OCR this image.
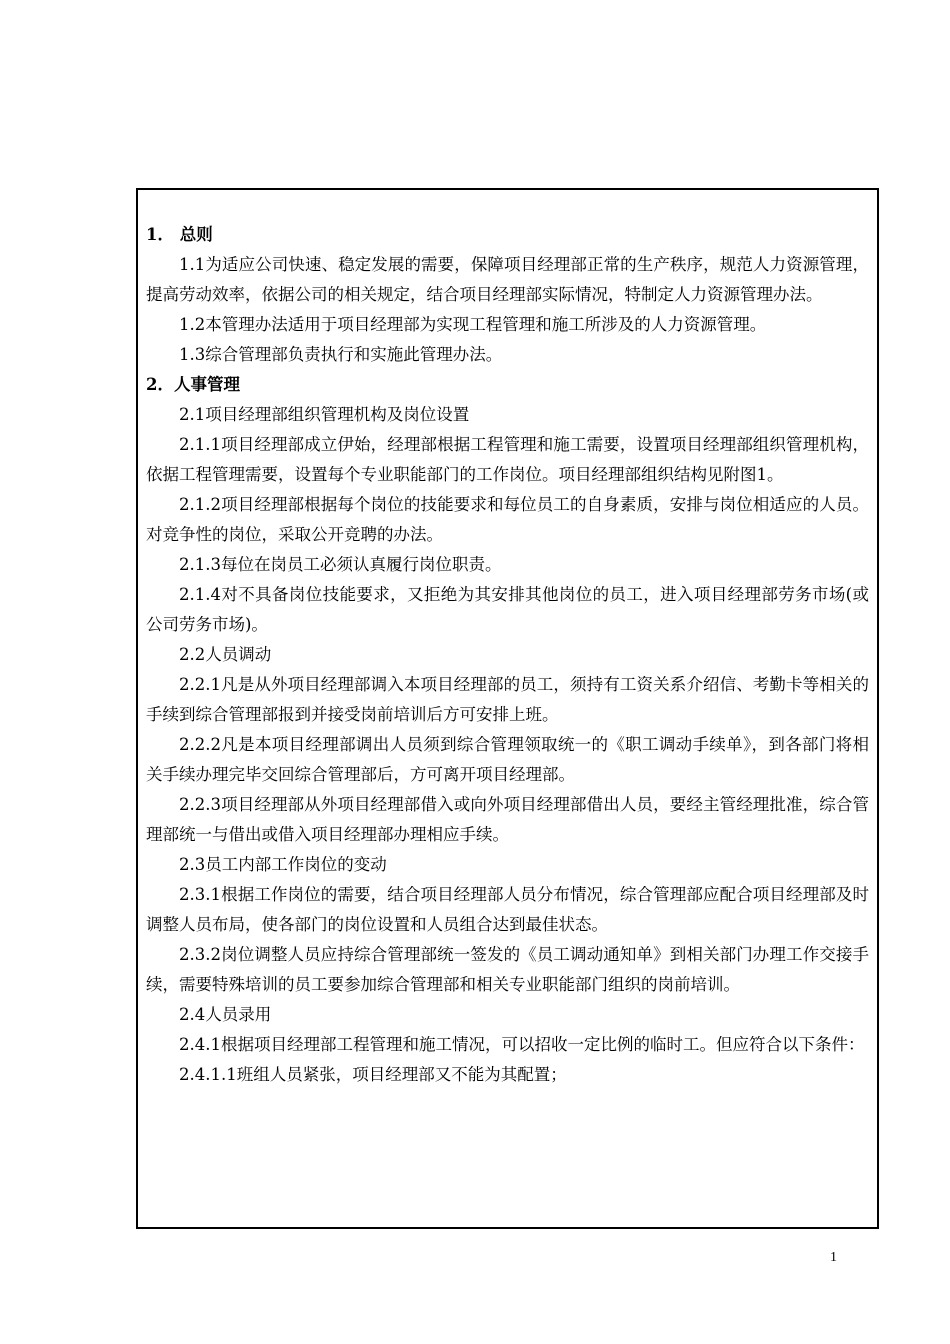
1． 总则

1.1为适应公司快速、稳定发展的需要，保障项目经理部正常的生产秩序，规范人力资源管理，提高劳动效率，依据公司的相关规定，结合项目经理部实际情况，特制定人力资源管理办法。

1.2本管理办法适用于项目经理部为实现工程管理和施工所涉及的人力资源管理。

1.3综合管理部负责执行和实施此管理办法。

2．人事管理

2.1项目经理部组织管理机构及岗位设置

2.1.1项目经理部成立伊始，经理部根据工程管理和施工需要，设置项目经理部组织管理机构，依据工程管理需要，设置每个专业职能部门的工作岗位。项目经理部组织结构见附图1。

2.1.2项目经理部根据每个岗位的技能要求和每位员工的自身素质，安排与岗位相适应的人员。对竞争性的岗位，采取公开竞聘的办法。

2.1.3每位在岗员工必须认真履行岗位职责。

2.1.4对不具备岗位技能要求，又拒绝为其安排其他岗位的员工，进入项目经理部劳务市场(或公司劳务市场)。

2.2人员调动

2.2.1凡是从外项目经理部调入本项目经理部的员工，须持有工资关系介绍信、考勤卡等相关的手续到综合管理部报到并接受岗前培训后方可安排上班。

2.2.2凡是本项目经理部调出人员须到综合管理领取统一的《职工调动手续单》，到各部门将相关手续办理完毕交回综合管理部后，方可离开项目经理部。

2.2.3项目经理部从外项目经理部借入或向外项目经理部借出人员，要经主管经理批准，综合管理部统一与借出或借入项目经理部办理相应手续。

2.3员工内部工作岗位的变动

2.3.1根据工作岗位的需要，结合项目经理部人员分布情况，综合管理部应配合项目经理部及时调整人员布局，使各部门的岗位设置和人员组合达到最佳状态。

2.3.2岗位调整人员应持综合管理部统一签发的《员工调动通知单》到相关部门办理工作交接手续，需要特殊培训的员工要参加综合管理部和相关专业职能部门组织的岗前培训。

2.4人员录用

2.4.1根据项目经理部工程管理和施工情况，可以招收一定比例的临时工。但应符合以下条件：

2.4.1.1班组人员紧张，项目经理部又不能为其配置；

1
